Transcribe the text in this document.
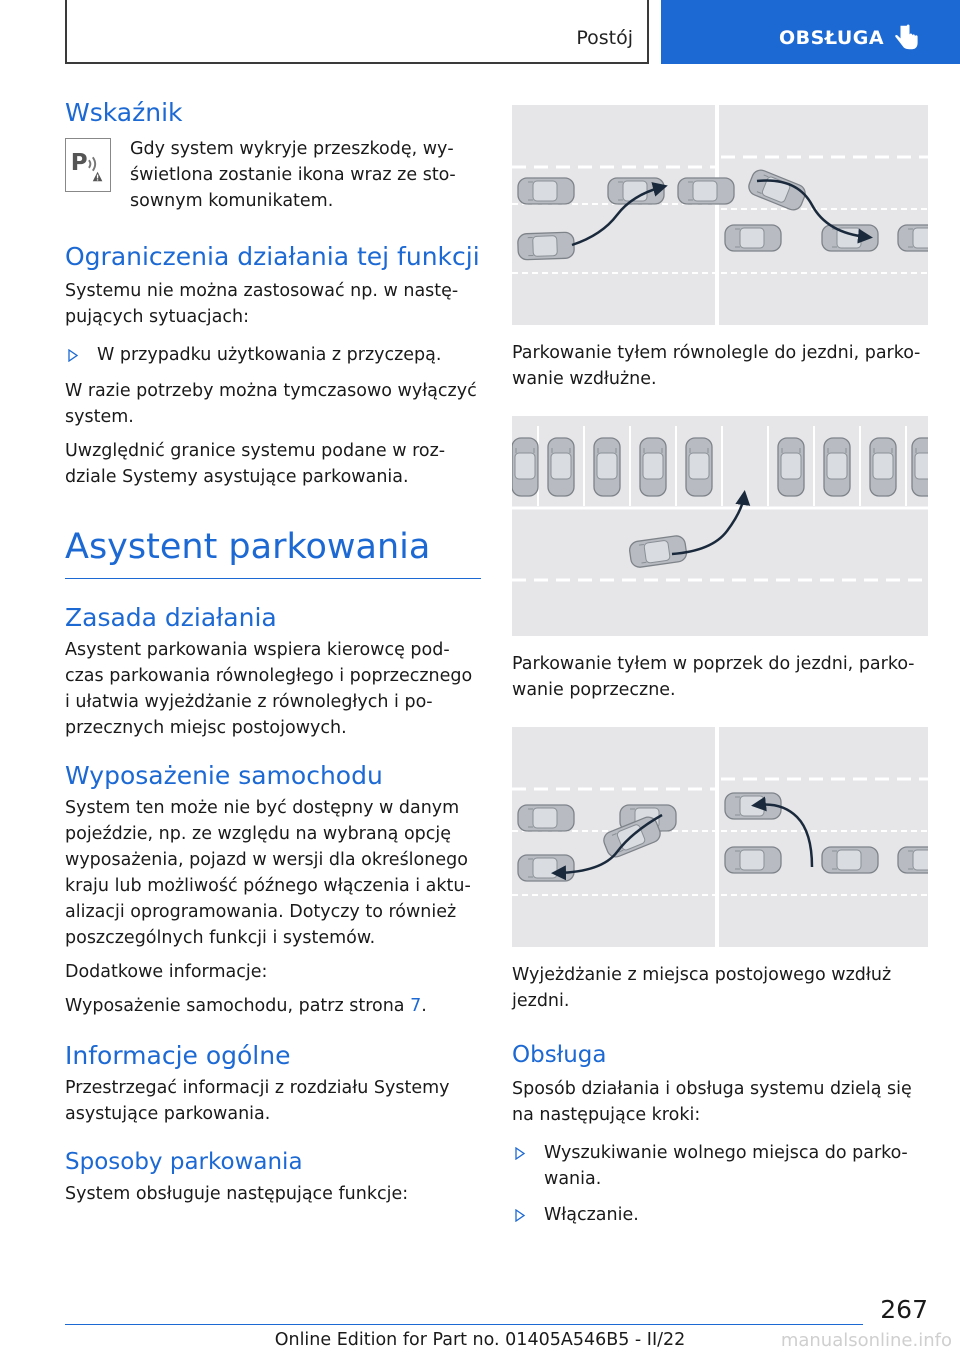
Postój	OBSŁUGA
Wskaźnik
P

Gdy system wykryje przeszkodę, wyświetlona zostanie ikona wraz ze stosownym komunikatem.

Ograniczenia działania tej funkcji

Systemu nie można zastosować np. w następujących sytuacjach:

W przypadku użytkowania z przyczepą.

W razie potrzeby można tymczasowo wyłączyć system.

Uwzględnić granice systemu podane w rozdziale Systemy asystujące parkowania.

Asystent parkowania
Zasada działania

Asystent parkowania wspiera kierowcę podczas parkowania równoległego i poprzecznego i ułatwia wyjeżdżanie z równoległych i poprzecznych miejsc postojowych.

Wyposażenie samochodu

System ten może nie być dostępny w danym pojeździe, np. ze względu na wybraną opcję wyposażenia, pojazd w wersji dla określonego kraju lub możliwość późnego włączenia i aktualizacji oprogramowania. Dotyczy to również poszczególnych funkcji i systemów.

Dodatkowe informacje:

Wyposażenie samochodu, patrz strona 7.

Informacje ogólne

Przestrzegać informacji z rozdziału Systemy asystujące parkowania.

Sposoby parkowania

System obsługuje następujące funkcje:

Parkowanie tyłem równolegle do jezdni, parkowanie wzdłużne.

Parkowanie tyłem w poprzek do jezdni, parkowanie poprzeczne.

Wyjeżdżanie z miejsca postojowego wzdłuż jezdni.

Obsługa

Sposób działania i obsługa systemu dzielą się na następujące kroki:

Wyszukiwanie wolnego miejsca do parkowania.
Włączanie.
267
Online Edition for Part no. 01405A546B5 - II/22	manualsonline.info
